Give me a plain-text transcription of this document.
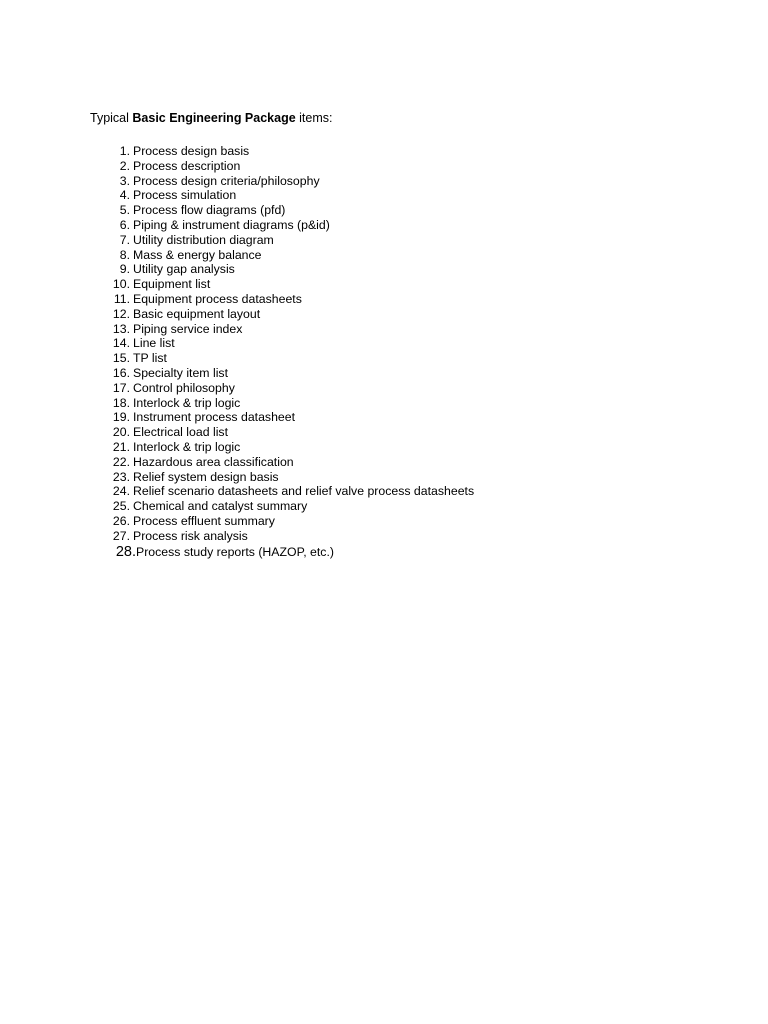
Typical Basic Engineering Package items:
1. Process design basis
2. Process description
3. Process design criteria/philosophy
4. Process simulation
5. Process flow diagrams (pfd)
6. Piping & instrument diagrams (p&id)
7. Utility distribution diagram
8. Mass & energy balance
9. Utility gap analysis
10. Equipment list
11. Equipment process datasheets
12. Basic equipment layout
13. Piping service index
14. Line list
15. TP list
16. Specialty item list
17. Control philosophy
18. Interlock & trip logic
19. Instrument process datasheet
20. Electrical load list
21. Interlock & trip logic
22. Hazardous area classification
23. Relief system design basis
24. Relief scenario datasheets and relief valve process datasheets
25. Chemical and catalyst summary
26. Process effluent summary
27. Process risk analysis
28. Process study reports (HAZOP, etc.)
